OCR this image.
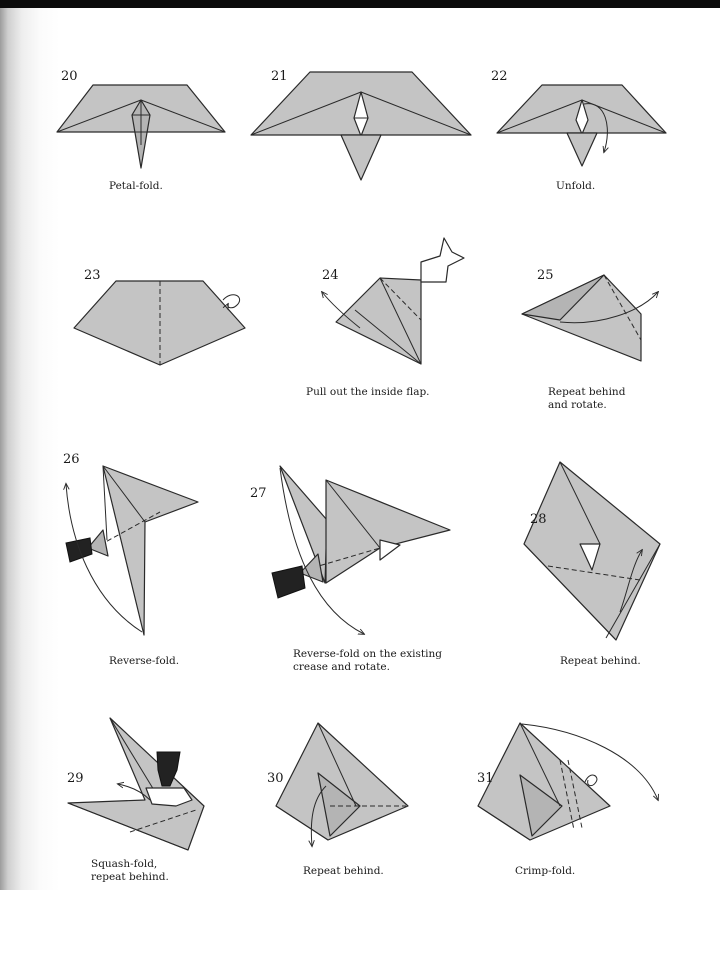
20	21	22
23	24	25
26
27
28
29	30	31
Petal-fold.	Unfold.
Pull out the inside flap.	Repeat behind
and rotate.
Reverse-fold.
Reverse-fold on the existing
crease and rotate.	Repeat behind.
Squash-fold,
repeat behind.	Repeat behind.	Crimp-fold.
